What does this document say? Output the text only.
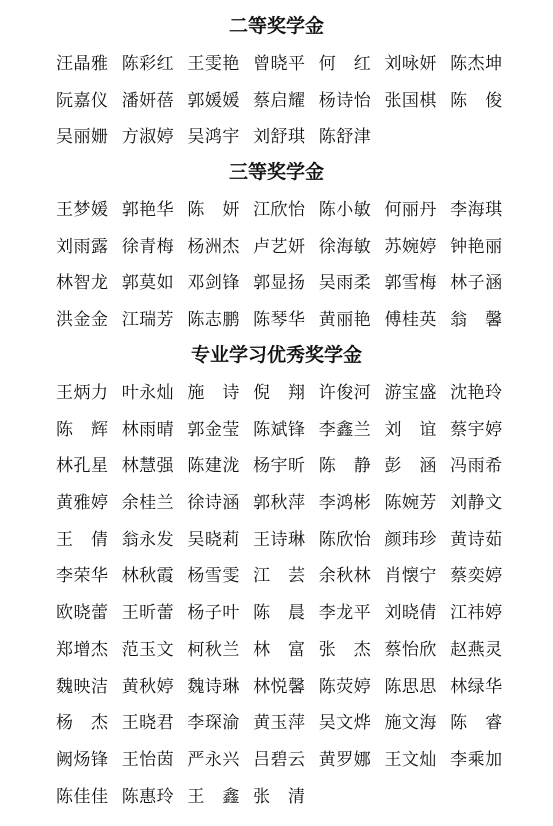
二等奖学金
汪晶雅 陈彩红 王雯艳 曾晓平 何　红 刘咏妍 陈杰坤
阮嘉仪 潘妍蓓 郭媛媛 蔡启耀 杨诗怡 张国棋 陈　俊
吴丽姗 方淑婷 吴鸿宇 刘舒琪 陈舒津
三等奖学金
王梦媛 郭艳华 陈　妍 江欣怡 陈小敏 何丽丹 李海琪
刘雨露 徐青梅 杨洲杰 卢艺妍 徐海敏 苏婉婷 钟艳丽
林智龙 郭莫如 邓剑锋 郭显扬 吴雨柔 郭雪梅 林子涵
洪金金 江瑞芳 陈志鹏 陈琴华 黄丽艳 傅桂英 翁　馨
专业学习优秀奖学金
王炳力 叶永灿 施　诗 倪　翔 许俊河 游宝盛 沈艳玲
陈　辉 林雨晴 郭金莹 陈斌锋 李鑫兰 刘　谊 蔡宇婷
林孔星 林慧强 陈建泷 杨宇昕 陈　静 彭　涵 冯雨希
黄雅婷 余桂兰 徐诗涵 郭秋萍 李鸿彬 陈婉芳 刘静文
王　倩 翁永发 吴晓莉 王诗琳 陈欣怡 颜玮珍 黄诗茹
李荣华 林秋霞 杨雪雯 江　芸 余秋林 肖懐宁 蔡奕婷
欧晓蕾 王昕蕾 杨子叶 陈　晨 李龙平 刘晓倩 江祎婷
郑增杰 范玉文 柯秋兰 林　富 张　杰 蔡怡欣 赵燕灵
魏映洁 黄秋婷 魏诗琳 林悦馨 陈荧婷 陈思思 林绿华
杨　杰 王晓君 李琛渝 黄玉萍 吴文烨 施文海 陈　睿
阙炀锋 王怡茵 严永兴 吕碧云 黄罗娜 王文灿 李乘加
陈佳佳 陈惠玲 王　鑫 张　清
